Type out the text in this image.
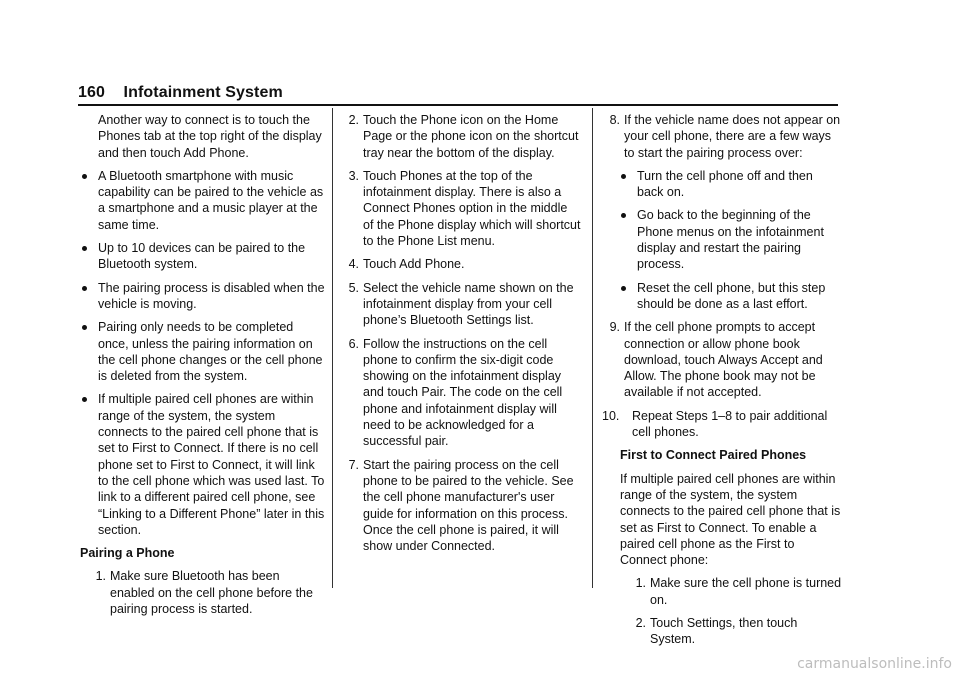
160 Infotainment System
Another way to connect is to touch the Phones tab at the top right of the display and then touch Add Phone.
A Bluetooth smartphone with music capability can be paired to the vehicle as a smartphone and a music player at the same time.
Up to 10 devices can be paired to the Bluetooth system.
The pairing process is disabled when the vehicle is moving.
Pairing only needs to be completed once, unless the pairing information on the cell phone changes or the cell phone is deleted from the system.
If multiple paired cell phones are within range of the system, the system connects to the paired cell phone that is set to First to Connect. If there is no cell phone set to First to Connect, it will link to the cell phone which was used last. To link to a different paired cell phone, see “Linking to a Different Phone” later in this section.
Pairing a Phone
1. Make sure Bluetooth has been enabled on the cell phone before the pairing process is started.
2. Touch the Phone icon on the Home Page or the phone icon on the shortcut tray near the bottom of the display.
3. Touch Phones at the top of the infotainment display. There is also a Connect Phones option in the middle of the Phone display which will shortcut to the Phone List menu.
4. Touch Add Phone.
5. Select the vehicle name shown on the infotainment display from your cell phone’s Bluetooth Settings list.
6. Follow the instructions on the cell phone to confirm the six-digit code showing on the infotainment display and touch Pair. The code on the cell phone and infotainment display will need to be acknowledged for a successful pair.
7. Start the pairing process on the cell phone to be paired to the vehicle. See the cell phone manufacturer's user guide for information on this process. Once the cell phone is paired, it will show under Connected.
8. If the vehicle name does not appear on your cell phone, there are a few ways to start the pairing process over:
Turn the cell phone off and then back on.
Go back to the beginning of the Phone menus on the infotainment display and restart the pairing process.
Reset the cell phone, but this step should be done as a last effort.
9. If the cell phone prompts to accept connection or allow phone book download, touch Always Accept and Allow. The phone book may not be available if not accepted.
10. Repeat Steps 1–8 to pair additional cell phones.
First to Connect Paired Phones
If multiple paired cell phones are within range of the system, the system connects to the paired cell phone that is set as First to Connect. To enable a paired cell phone as the First to Connect phone:
1. Make sure the cell phone is turned on.
2. Touch Settings, then touch System.
carmanualsonline.info
